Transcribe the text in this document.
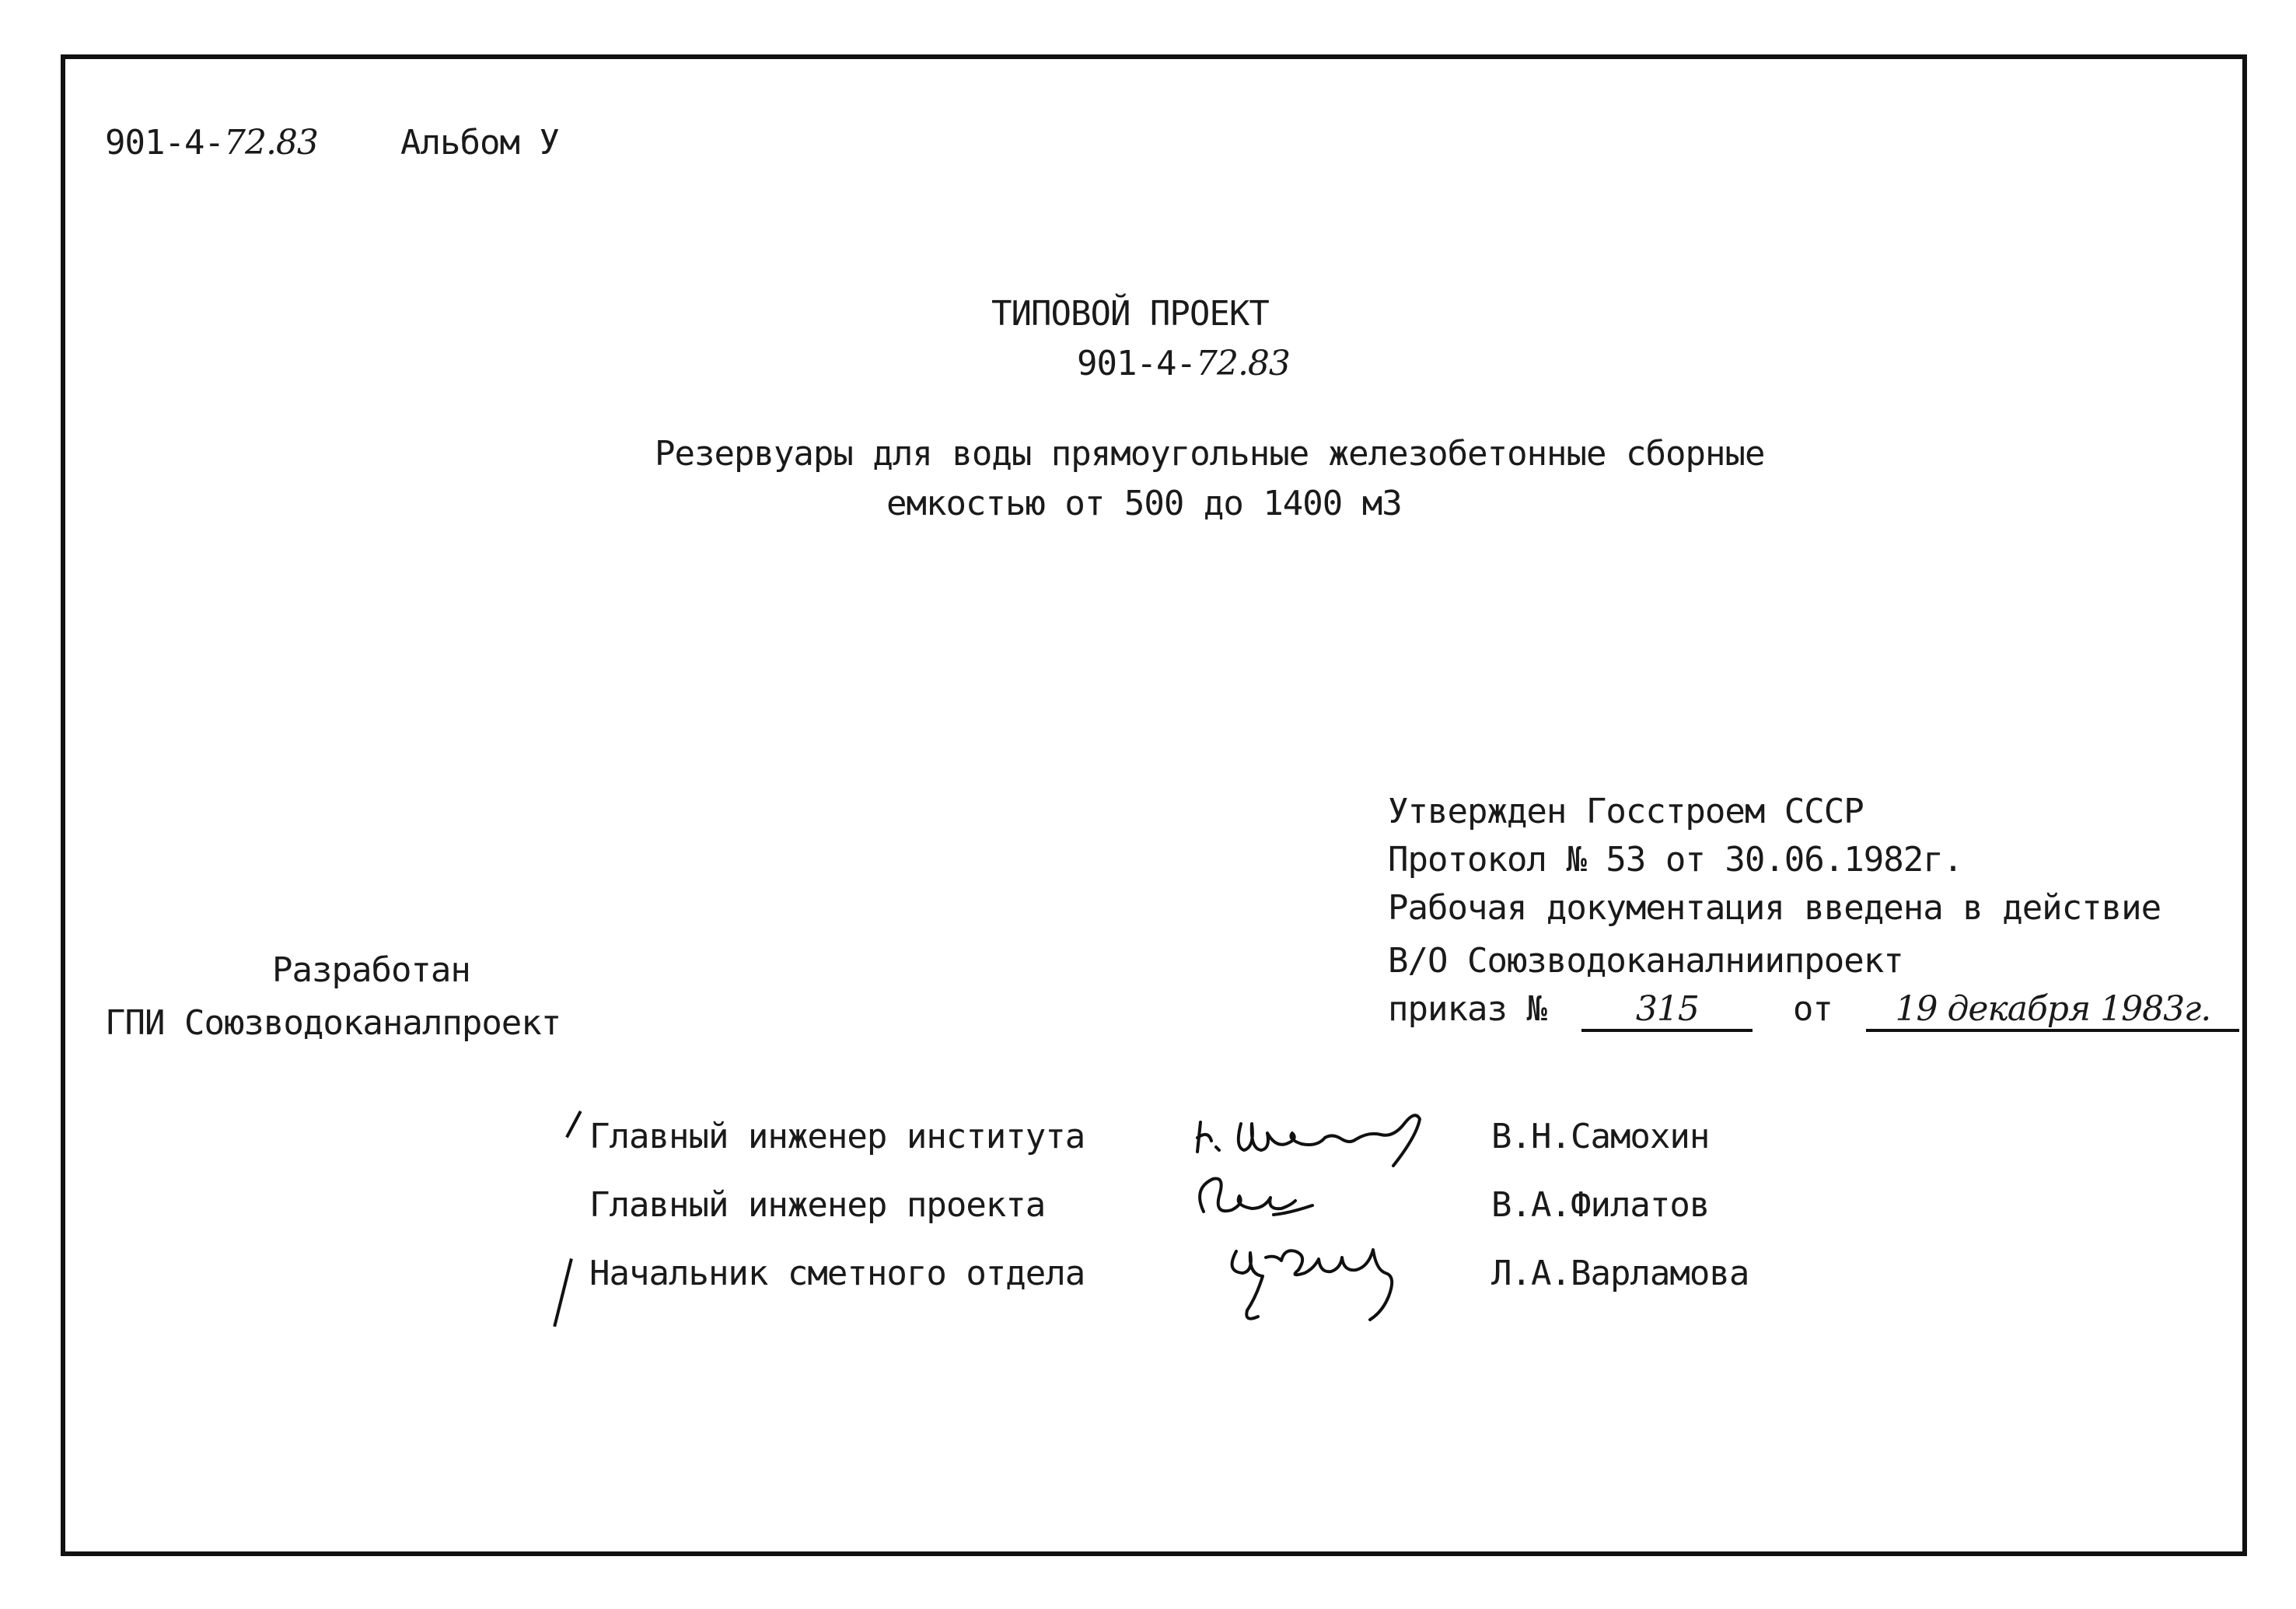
901-4-72.83 Альбом У
ТИПОВОЙ ПРОЕКТ
901-4-72.83
Резервуары для воды прямоугольные железобетонные сборные
емкостью от 500 до 1400 м3
Утвержден Госстроем СССР
Протокол № 53 от 30.06.1982г.
Рабочая документация введена в действие
В/О Союзводоканалниипроект
приказ №	315	от 19 декабря 1983г.
Разработан
ГПИ Союзводоканалпроект
Главный инженер института
Главный инженер проекта
Начальник сметного отдела
В.Н.Самохин
В.А.Филатов
Л.А.Варламова
